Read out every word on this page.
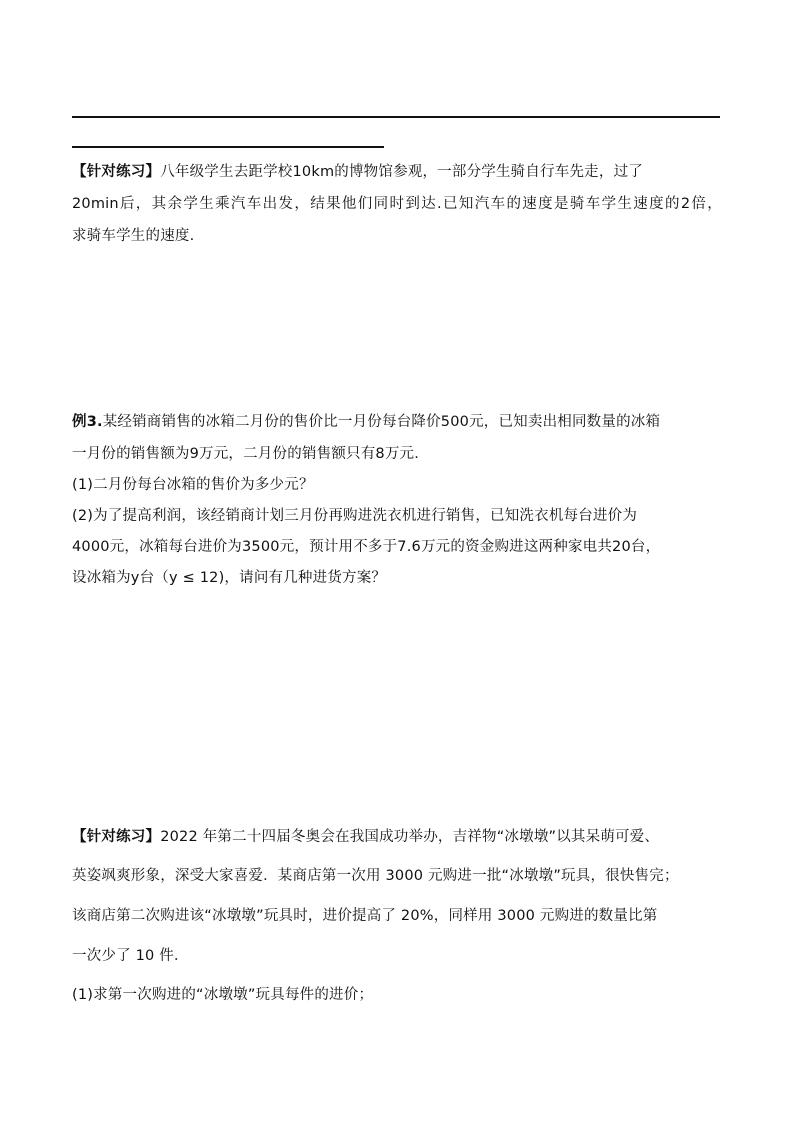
【针对练习】八年级学生去距学校10km的博物馆参观，一部分学生骑自行车先走，过了
20min后，其余学生乘汽车出发，结果他们同时到达.已知汽车的速度是骑车学生速度的2倍，
求骑车学生的速度.
例3.某经销商销售的冰箱二月份的售价比一月份每台降价500元，已知卖出相同数量的冰箱
一月份的销售额为9万元，二月份的销售额只有8万元.
(1)二月份每台冰箱的售价为多少元？
(2)为了提高利润，该经销商计划三月份再购进洗衣机进行销售，已知洗衣机每台进价为
4000元，冰箱每台进价为3500元，预计用不多于7.6万元的资金购进这两种家电共20台，
设冰箱为y台（y ≤ 12)，请问有几种进货方案？
【针对练习】2022 年第二十四届冬奥会在我国成功举办，吉祥物“冰墩墩”以其呆萌可爱、
英姿飒爽形象，深受大家喜爱．某商店第一次用 3000 元购进一批“冰墩墩”玩具，很快售完；
该商店第二次购进该“冰墩墩”玩具时，进价提高了 20%，同样用 3000 元购进的数量比第
一次少了 10 件．
(1)求第一次购进的“冰墩墩”玩具每件的进价；
